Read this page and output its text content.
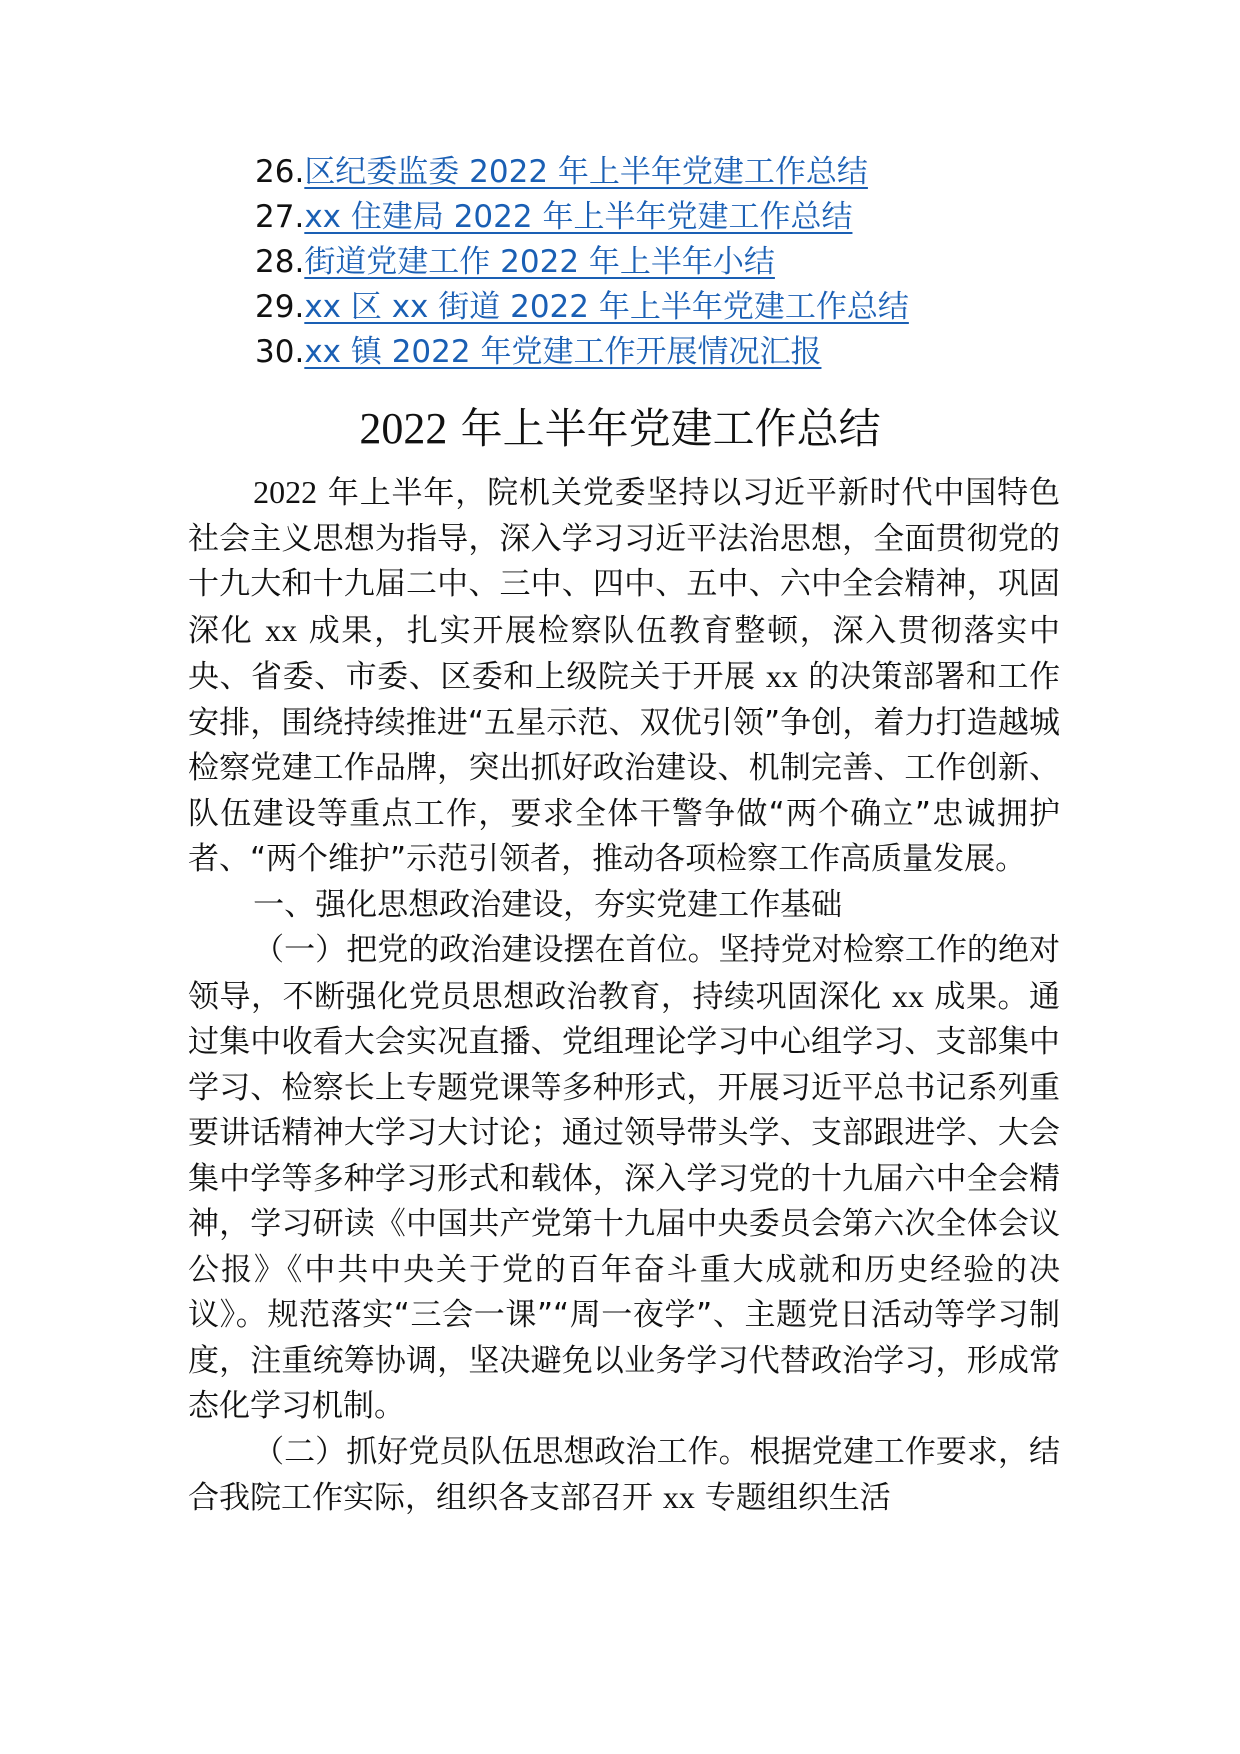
26.区纪委监委 2022 年上半年党建工作总结
27.xx 住建局 2022 年上半年党建工作总结
28.街道党建工作 2022 年上半年小结
29.xx 区 xx 街道 2022 年上半年党建工作总结
30.xx 镇 2022 年党建工作开展情况汇报
2022 年上半年党建工作总结

2022 年上半年，院机关党委坚持以习近平新时代中国特色社会主义思想为指导，深入学习习近平法治思想，全面贯彻党的十九大和十九届二中、三中、四中、五中、六中全会精神，巩固深化 xx 成果，扎实开展检察队伍教育整顿，深入贯彻落实中央、省委、市委、区委和上级院关于开展 xx 的决策部署和工作安排，围绕持续推进“五星示范、双优引领”争创，着力打造越城检察党建工作品牌，突出抓好政治建设、机制完善、工作创新、队伍建设等重点工作，要求全体干警争做“两个确立”忠诚拥护者、“两个维护”示范引领者，推动各项检察工作高质量发展。

一、强化思想政治建设，夯实党建工作基础

（一）把党的政治建设摆在首位。坚持党对检察工作的绝对领导，不断强化党员思想政治教育，持续巩固深化 xx 成果。通过集中收看大会实况直播、党组理论学习中心组学习、支部集中学习、检察长上专题党课等多种形式，开展习近平总书记系列重要讲话精神大学习大讨论；通过领导带头学、支部跟进学、大会集中学等多种学习形式和载体，深入学习党的十九届六中全会精神，学习研读《中国共产党第十九届中央委员会第六次全体会议公报》《中共中央关于党的百年奋斗重大成就和历史经验的决议》。规范落实“三会一课”“周一夜学”、主题党日活动等学习制度，注重统筹协调，坚决避免以业务学习代替政治学习，形成常态化学习机制。

（二）抓好党员队伍思想政治工作。根据党建工作要求，结合我院工作实际，组织各支部召开 xx 专题组织生活
